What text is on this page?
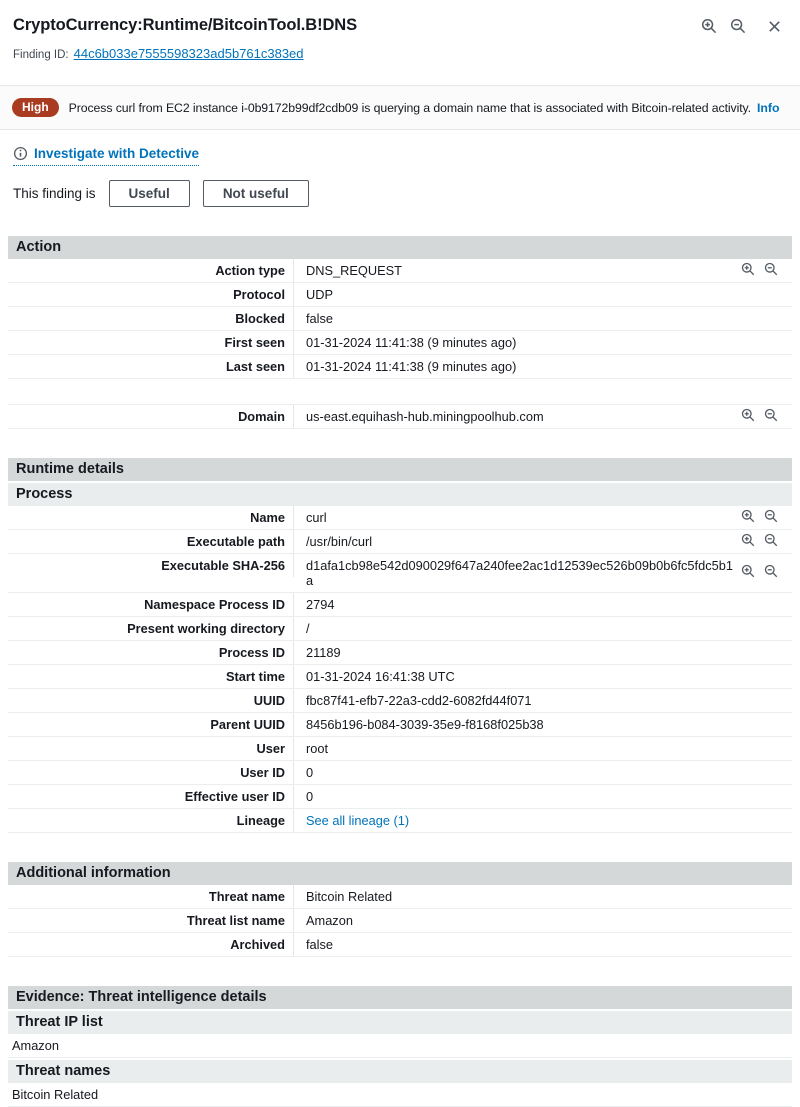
CryptoCurrency:Runtime/BitcoinTool.B!DNS
Finding ID: 44c6b033e7555598323ad5b761c383ed
High	Process curl from EC2 instance i-0b9172b99df2cdb09 is querying a domain name that is associated with Bitcoin-related activity. Info
Investigate with Detective
This finding is	Useful	Not useful
Action
Action type	DNS_REQUEST
Protocol	UDP
Blocked	false
First seen	01-31-2024 11:41:38 (9 minutes ago)
Last seen	01-31-2024 11:41:38 (9 minutes ago)
Domain	us-east.equihash-hub.miningpoolhub.com
Runtime details
Process
Name	curl
Executable path	/usr/bin/curl
Executable SHA-256	d1afa1cb98e542d090029f647a240fee2ac1d12539ec526b09b0b6fc5fdc5b1a
Namespace Process ID	2794
Present working directory	/
Process ID	21189
Start time	01-31-2024 16:41:38 UTC
UUID	fbc87f41-efb7-22a3-cdd2-6082fd44f071
Parent UUID	8456b196-b084-3039-35e9-f8168f025b38
User	root
User ID	0
Effective user ID	0
Lineage	See all lineage (1)
Additional information
Threat name	Bitcoin Related
Threat list name	Amazon
Archived	false
Evidence: Threat intelligence details
Threat IP list
Amazon
Threat names
Bitcoin Related
